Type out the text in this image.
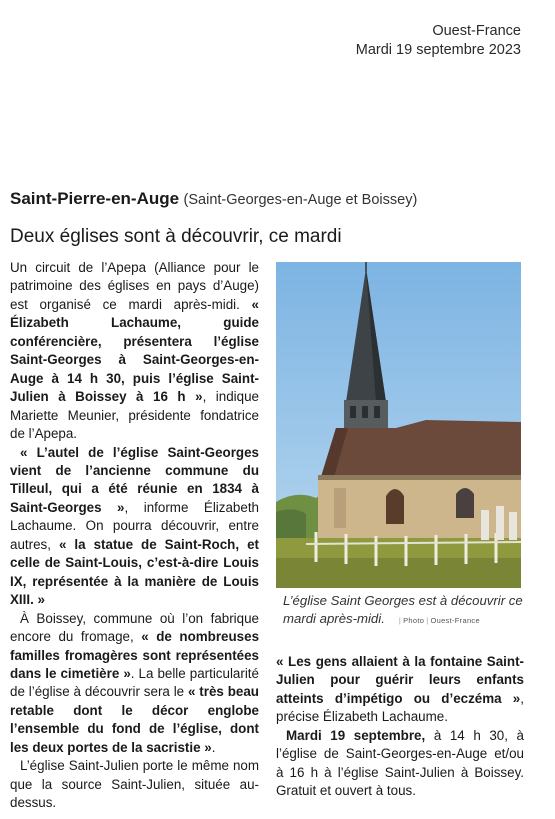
Ouest-France
Mardi 19 septembre 2023
Saint-Pierre-en-Auge (Saint-Georges-en-Auge et Boissey)
Deux églises sont à découvrir, ce mardi

Un circuit de l’Apepa (Alliance pour le patrimoine des églises en pays d’Auge) est organisé ce mardi après-midi. « Élizabeth Lachaume, guide conférencière, présentera l’église Saint-Georges à Saint-Georges-en-Auge à 14 h 30, puis l’église Saint-Julien à Boissey à 16 h », indique Mariette Meunier, présidente fondatrice de l’Apepa.

« L’autel de l’église Saint-Georges vient de l’ancienne commune du Tilleul, qui a été réunie en 1834 à Saint-Georges », informe Élizabeth Lachaume. On pourra découvrir, entre autres, « la statue de Saint-Roch, et celle de Saint-Louis, c’est-à-dire Louis IX, représentée à la manière de Louis XIII. »

À Boissey, commune où l’on fabrique encore du fromage, « de nombreuses familles fromagères sont représentées dans le cimetière ». La belle particularité de l’église à découvrir sera le « très beau retable dont le décor englobe l’ensemble du fond de l’église, dont les deux portes de la sacristie ».

L’église Saint-Julien porte le même nom que la source Saint-Julien, située au-dessus.

L’église Saint Georges est à découvrir ce mardi après-midi. | Photo | Ouest-France

« Les gens allaient à la fontaine Saint-Julien pour guérir leurs enfants atteints d’impétigo ou d’eczéma », précise Élizabeth Lachaume.

Mardi 19 septembre, à 14 h 30, à l’église de Saint-Georges-en-Auge et/ou à 16 h à l’église Saint-Julien à Boissey. Gratuit et ouvert à tous.
